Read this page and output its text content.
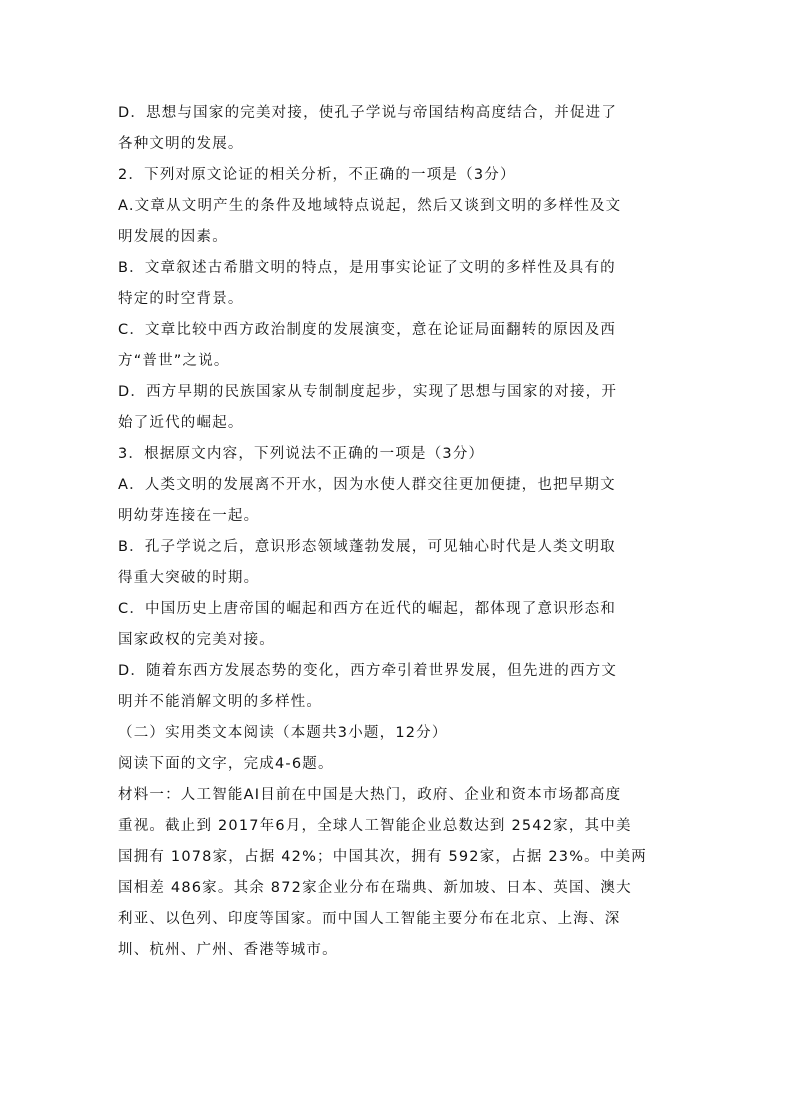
D．思想与国家的完美对接，使孔子学说与帝国结构高度结合，并促进了
各种文明的发展。

2．下列对原文论证的相关分析，不正确的一项是（3分）

A.文章从文明产生的条件及地域特点说起，然后又谈到文明的多样性及文
明发展的因素。

B．文章叙述古希腊文明的特点，是用事实论证了文明的多样性及具有的
特定的时空背景。

C．文章比较中西方政治制度的发展演变，意在论证局面翻转的原因及西
方“普世”之说。

D．西方早期的民族国家从专制制度起步，实现了思想与国家的对接，开
始了近代的崛起。

3．根据原文内容，下列说法不正确的一项是（3分）

A．人类文明的发展离不开水，因为水使人群交往更加便捷，也把早期文
明幼芽连接在一起。

B．孔子学说之后，意识形态领域蓬勃发展，可见轴心时代是人类文明取
得重大突破的时期。

C．中国历史上唐帝国的崛起和西方在近代的崛起，都体现了意识形态和
国家政权的完美对接。

D．随着东西方发展态势的变化，西方牵引着世界发展，但先进的西方文
明并不能消解文明的多样性。

（二）实用类文本阅读（本题共3小题，12分）

阅读下面的文字，完成4-6题。

材料一：人工智能AI目前在中国是大热门，政府、企业和资本市场都高度
重视。截止到 2017年6月，全球人工智能企业总数达到 2542家，其中美
国拥有 1078家，占据 42%；中国其次，拥有 592家，占据 23%。中美两
国相差 486家。其余 872家企业分布在瑞典、新加坡、日本、英国、澳大
利亚、以色列、印度等国家。而中国人工智能主要分布在北京、上海、深
圳、杭州、广州、香港等城市。
